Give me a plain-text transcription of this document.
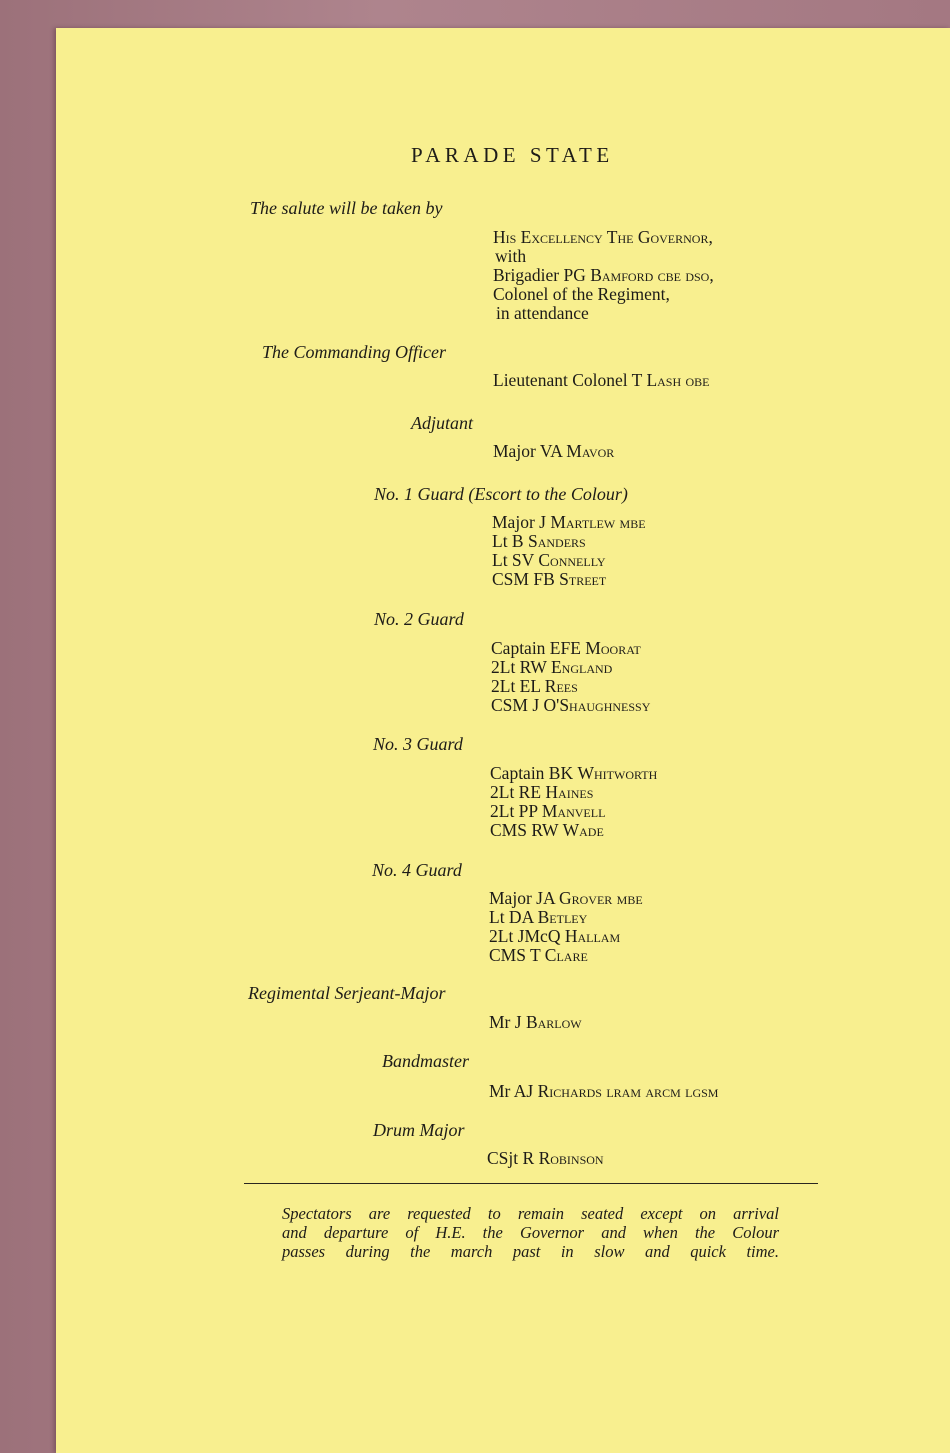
PARADE STATE
The salute will be taken by
His Excellency The Governor,
with
Brigadier PG Bamford cbe dso,
Colonel of the Regiment,
in attendance
The Commanding Officer
Lieutenant Colonel T Lash obe
Adjutant
Major VA Mavor
No. 1 Guard (Escort to the Colour)
Major J Martlew mbe
Lt B Sanders
Lt SV Connelly
CSM FB Street
No. 2 Guard
Captain EFE Moorat
2Lt RW England
2Lt EL Rees
CSM J O'Shaughnessy
No. 3 Guard
Captain BK Whitworth
2Lt RE Haines
2Lt PP Manvell
CMS RW Wade
No. 4 Guard
Major JA Grover mbe
Lt DA Betley
2Lt JMcQ Hallam
CMS T Clare
Regimental Serjeant-Major
Mr J Barlow
Bandmaster
Mr AJ Richards lram arcm lgsm
Drum Major
CSjt R Robinson
Spectators are requested to remain seated except on arrival
and departure of H.E. the Governor and when the Colour
passes during the march past in slow and quick time.
